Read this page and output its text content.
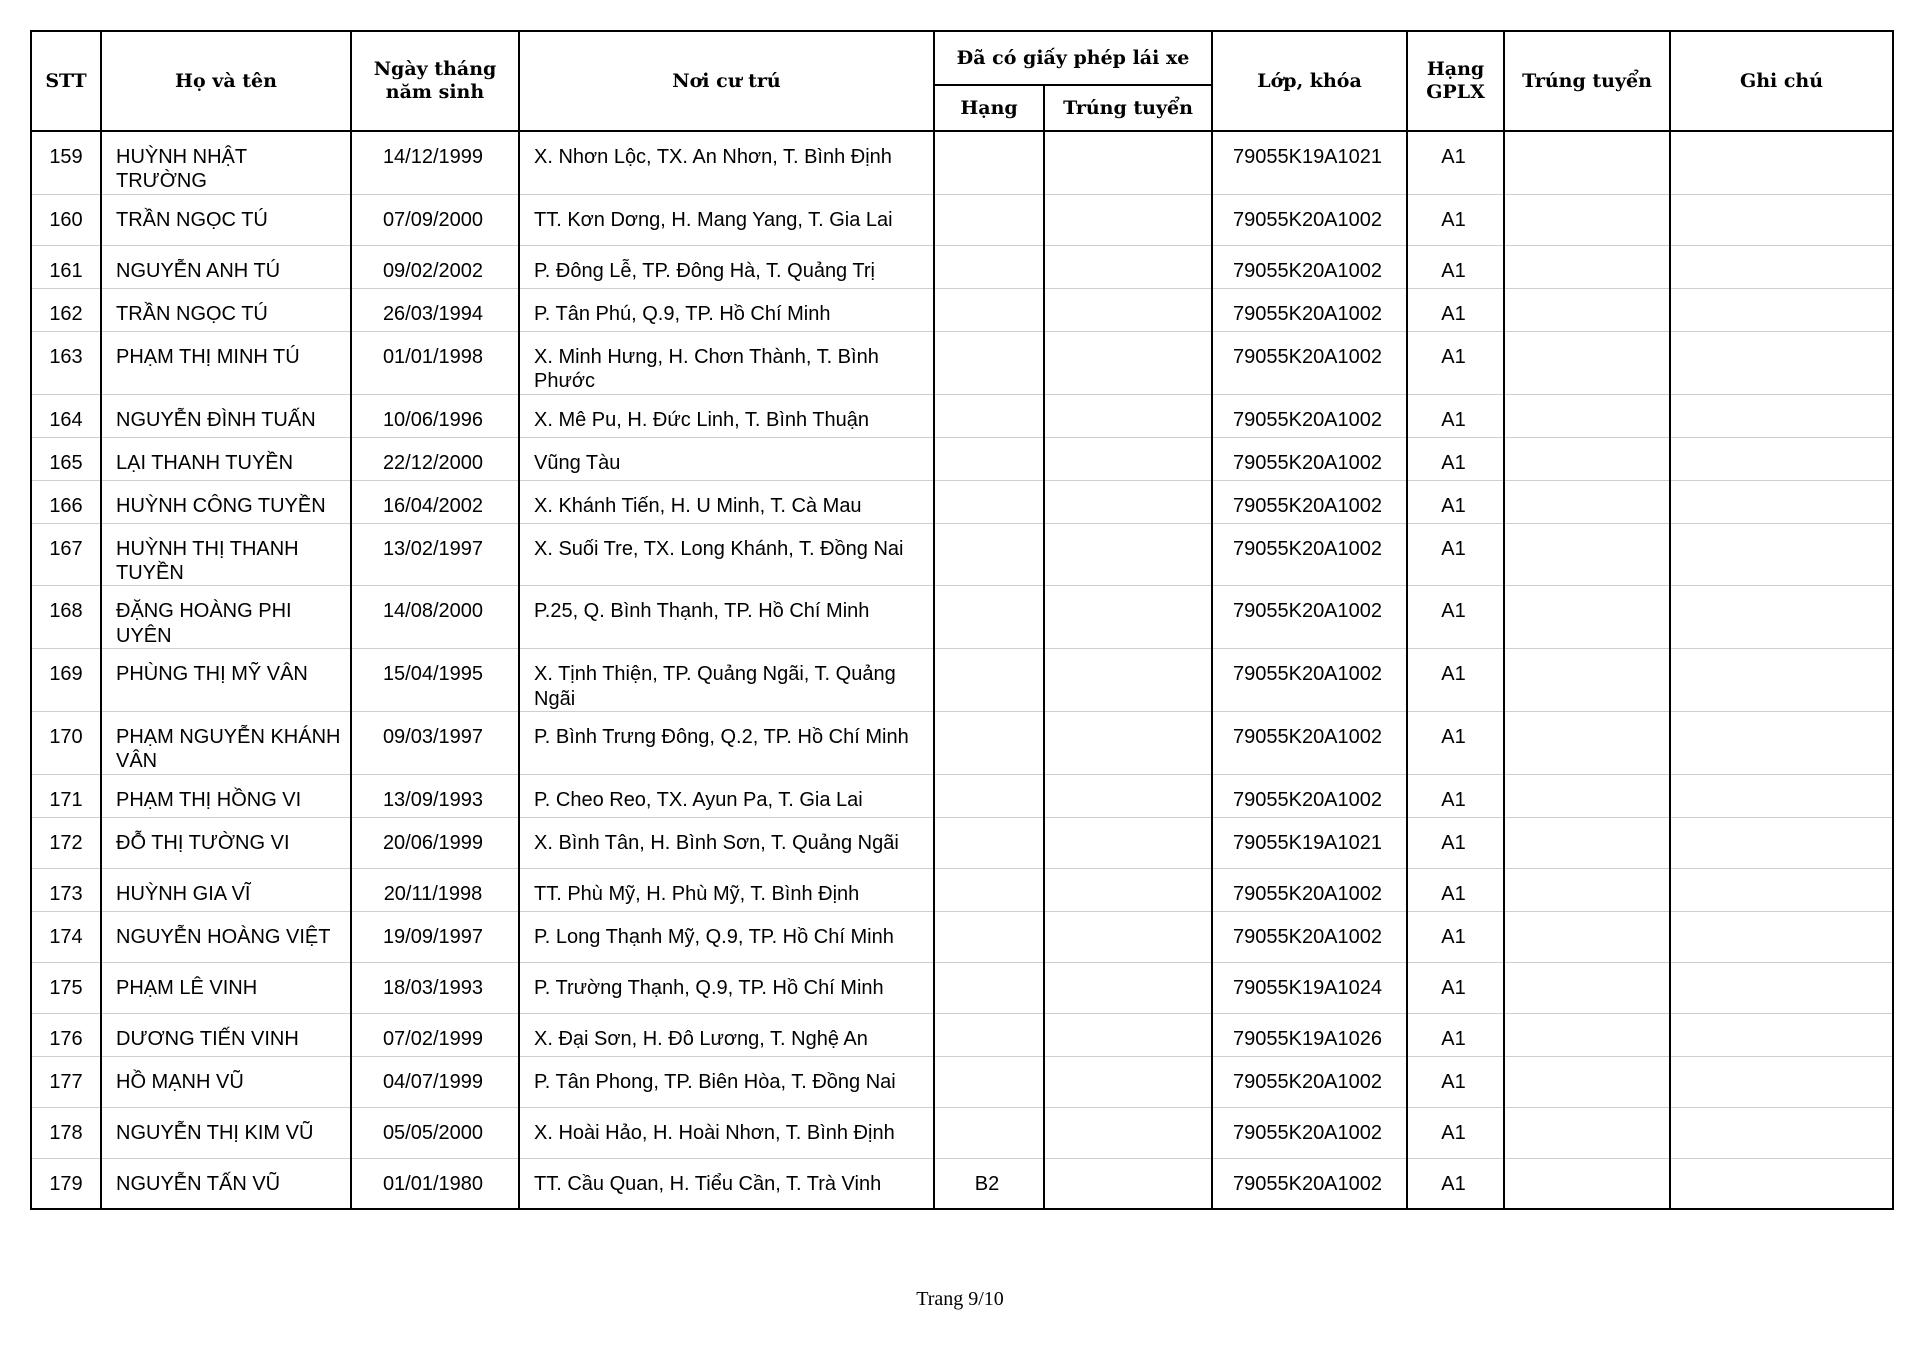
STT	Họ và tên	Ngày tháng năm sinh	Nơi cư trú	Đã có giấy phép lái xe		Lớp, khóa	Hạng GPLX	Trúng tuyển	Ghi chú
				Hạng	Trúng tuyển				
159	HUỲNH NHẬT TRƯỜNG	14/12/1999	X. Nhơn Lộc, TX. An Nhơn, T. Bình Định			79055K19A1021	A1		
160	TRẦN NGỌC TÚ	07/09/2000	TT. Kơn Dơng, H. Mang Yang, T. Gia Lai			79055K20A1002	A1		
161	NGUYỄN ANH TÚ	09/02/2002	P. Đông Lễ, TP. Đông Hà, T. Quảng Trị			79055K20A1002	A1		
162	TRẦN NGỌC TÚ	26/03/1994	P. Tân Phú, Q.9, TP. Hồ Chí Minh			79055K20A1002	A1		
163	PHẠM THỊ MINH TÚ	01/01/1998	X. Minh Hưng, H. Chơn Thành, T. Bình Phước			79055K20A1002	A1		
164	NGUYỄN ĐÌNH TUẤN	10/06/1996	X. Mê Pu, H. Đức Linh, T. Bình Thuận			79055K20A1002	A1		
165	LẠI THANH TUYỀN	22/12/2000	Vũng Tàu			79055K20A1002	A1		
166	HUỲNH CÔNG TUYỀN	16/04/2002	X. Khánh Tiến, H. U Minh, T. Cà Mau			79055K20A1002	A1		
167	HUỲNH THỊ THANH TUYỀN	13/02/1997	X. Suối Tre, TX. Long Khánh, T. Đồng Nai			79055K20A1002	A1		
168	ĐẶNG HOÀNG PHI UYÊN	14/08/2000	P.25, Q. Bình Thạnh, TP. Hồ Chí Minh			79055K20A1002	A1		
169	PHÙNG THỊ MỸ VÂN	15/04/1995	X. Tịnh Thiện, TP. Quảng Ngãi, T. Quảng Ngãi			79055K20A1002	A1		
170	PHẠM NGUYỄN KHÁNH VÂN	09/03/1997	P. Bình Trưng Đông, Q.2, TP. Hồ Chí Minh			79055K20A1002	A1		
171	PHẠM THỊ HỒNG VI	13/09/1993	P. Cheo Reo, TX. Ayun Pa, T. Gia Lai			79055K20A1002	A1		
172	ĐỖ THỊ TƯỜNG VI	20/06/1999	X. Bình Tân, H. Bình Sơn, T. Quảng Ngãi			79055K19A1021	A1		
173	HUỲNH GIA VĨ	20/11/1998	TT. Phù Mỹ, H. Phù Mỹ, T. Bình Định			79055K20A1002	A1		
174	NGUYỄN HOÀNG VIỆT	19/09/1997	P. Long Thạnh Mỹ, Q.9, TP. Hồ Chí Minh			79055K20A1002	A1		
175	PHẠM LÊ VINH	18/03/1993	P. Trường Thạnh, Q.9, TP. Hồ Chí Minh			79055K19A1024	A1		
176	DƯƠNG TIẾN VINH	07/02/1999	X. Đại Sơn, H. Đô Lương, T. Nghệ An			79055K19A1026	A1		
177	HỒ MẠNH VŨ	04/07/1999	P. Tân Phong, TP. Biên Hòa, T. Đồng Nai			79055K20A1002	A1		
178	NGUYỄN THỊ KIM VŨ	05/05/2000	X. Hoài Hảo, H. Hoài Nhơn, T. Bình Định			79055K20A1002	A1		
179	NGUYỄN TẤN VŨ	01/01/1980	TT. Cầu Quan, H. Tiểu Cần, T. Trà Vinh	B2		79055K20A1002	A1		
Trang 9/10
